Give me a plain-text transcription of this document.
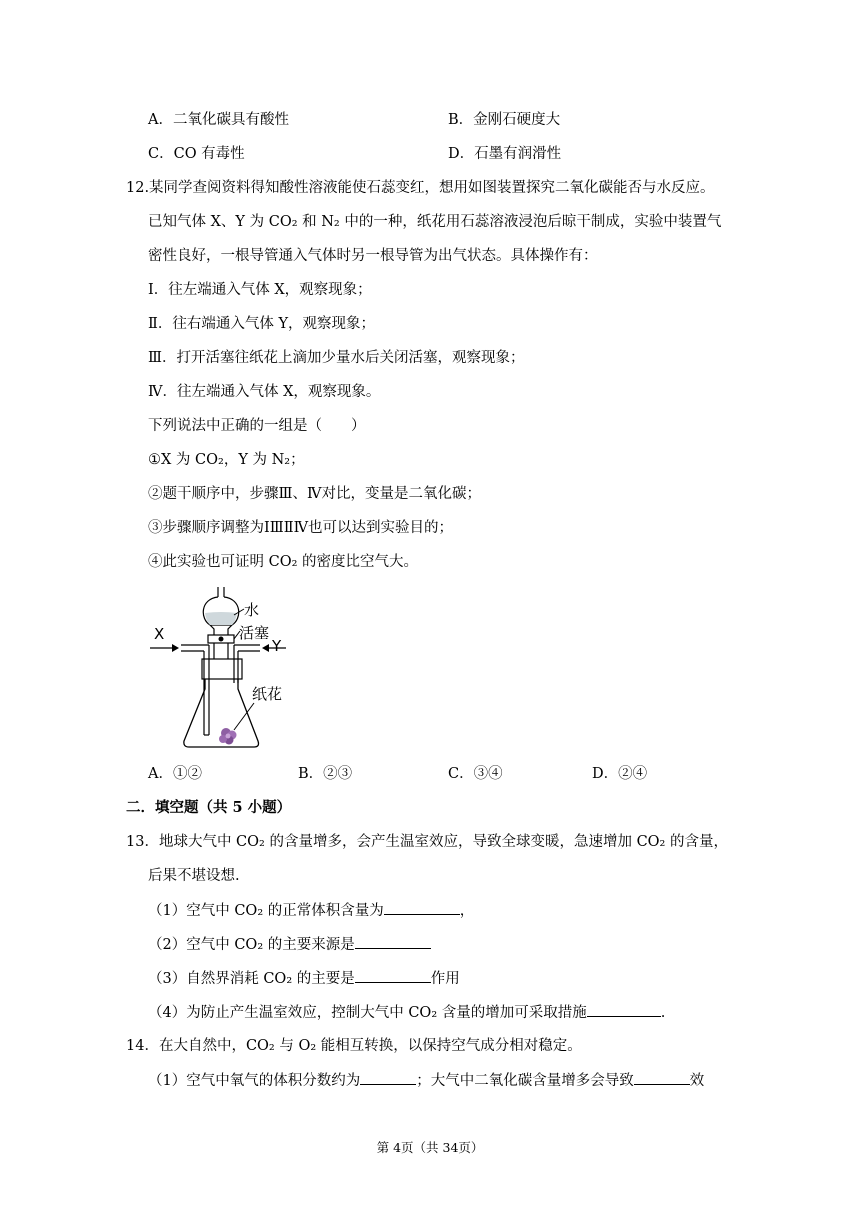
A．二氧化碳具有酸性	B．金刚石硬度大
C．CO 有毒性	D．石墨有润滑性
12.某同学查阅资料得知酸性溶液能使石蕊变红，想用如图装置探究二氧化碳能否与水反应。
已知气体 X、Y 为 CO₂ 和 N₂ 中的一种，纸花用石蕊溶液浸泡后晾干制成，实验中装置气
密性良好，一根导管通入气体时另一根导管为出气状态。具体操作有：
Ⅰ．往左端通入气体 X，观察现象；
Ⅱ．往右端通入气体 Y，观察现象；
Ⅲ．打开活塞往纸花上滴加少量水后关闭活塞，观察现象；
Ⅳ．往左端通入气体 X，观察现象。
下列说法中正确的一组是（　　）
①X 为 CO₂，Y 为 N₂；
②题干顺序中，步骤Ⅲ、Ⅳ对比，变量是二氧化碳；
③步骤顺序调整为ⅠⅢⅡⅣ也可以达到实验目的；
④此实验也可证明 CO₂ 的密度比空气大。
水
活塞
X
Y
纸花
A．①②	B．②③	C．③④	D．②④
二．填空题（共 5 小题）
13．地球大气中 CO₂ 的含量增多，会产生温室效应，导致全球变暖，急速增加 CO₂ 的含量，
后果不堪设想.
（1）空气中 CO₂ 的正常体积含量为	，
（2）空气中 CO₂ 的主要来源是
（3）自然界消耗 CO₂ 的主要是	作用
（4）为防止产生温室效应，控制大气中 CO₂ 含量的增加可采取措施	.
14．在大自然中，CO₂ 与 O₂ 能相互转换，以保持空气成分相对稳定。
（1）空气中氧气的体积分数约为	；大气中二氧化碳含量增多会导致	效
第 4页（共 34页）
